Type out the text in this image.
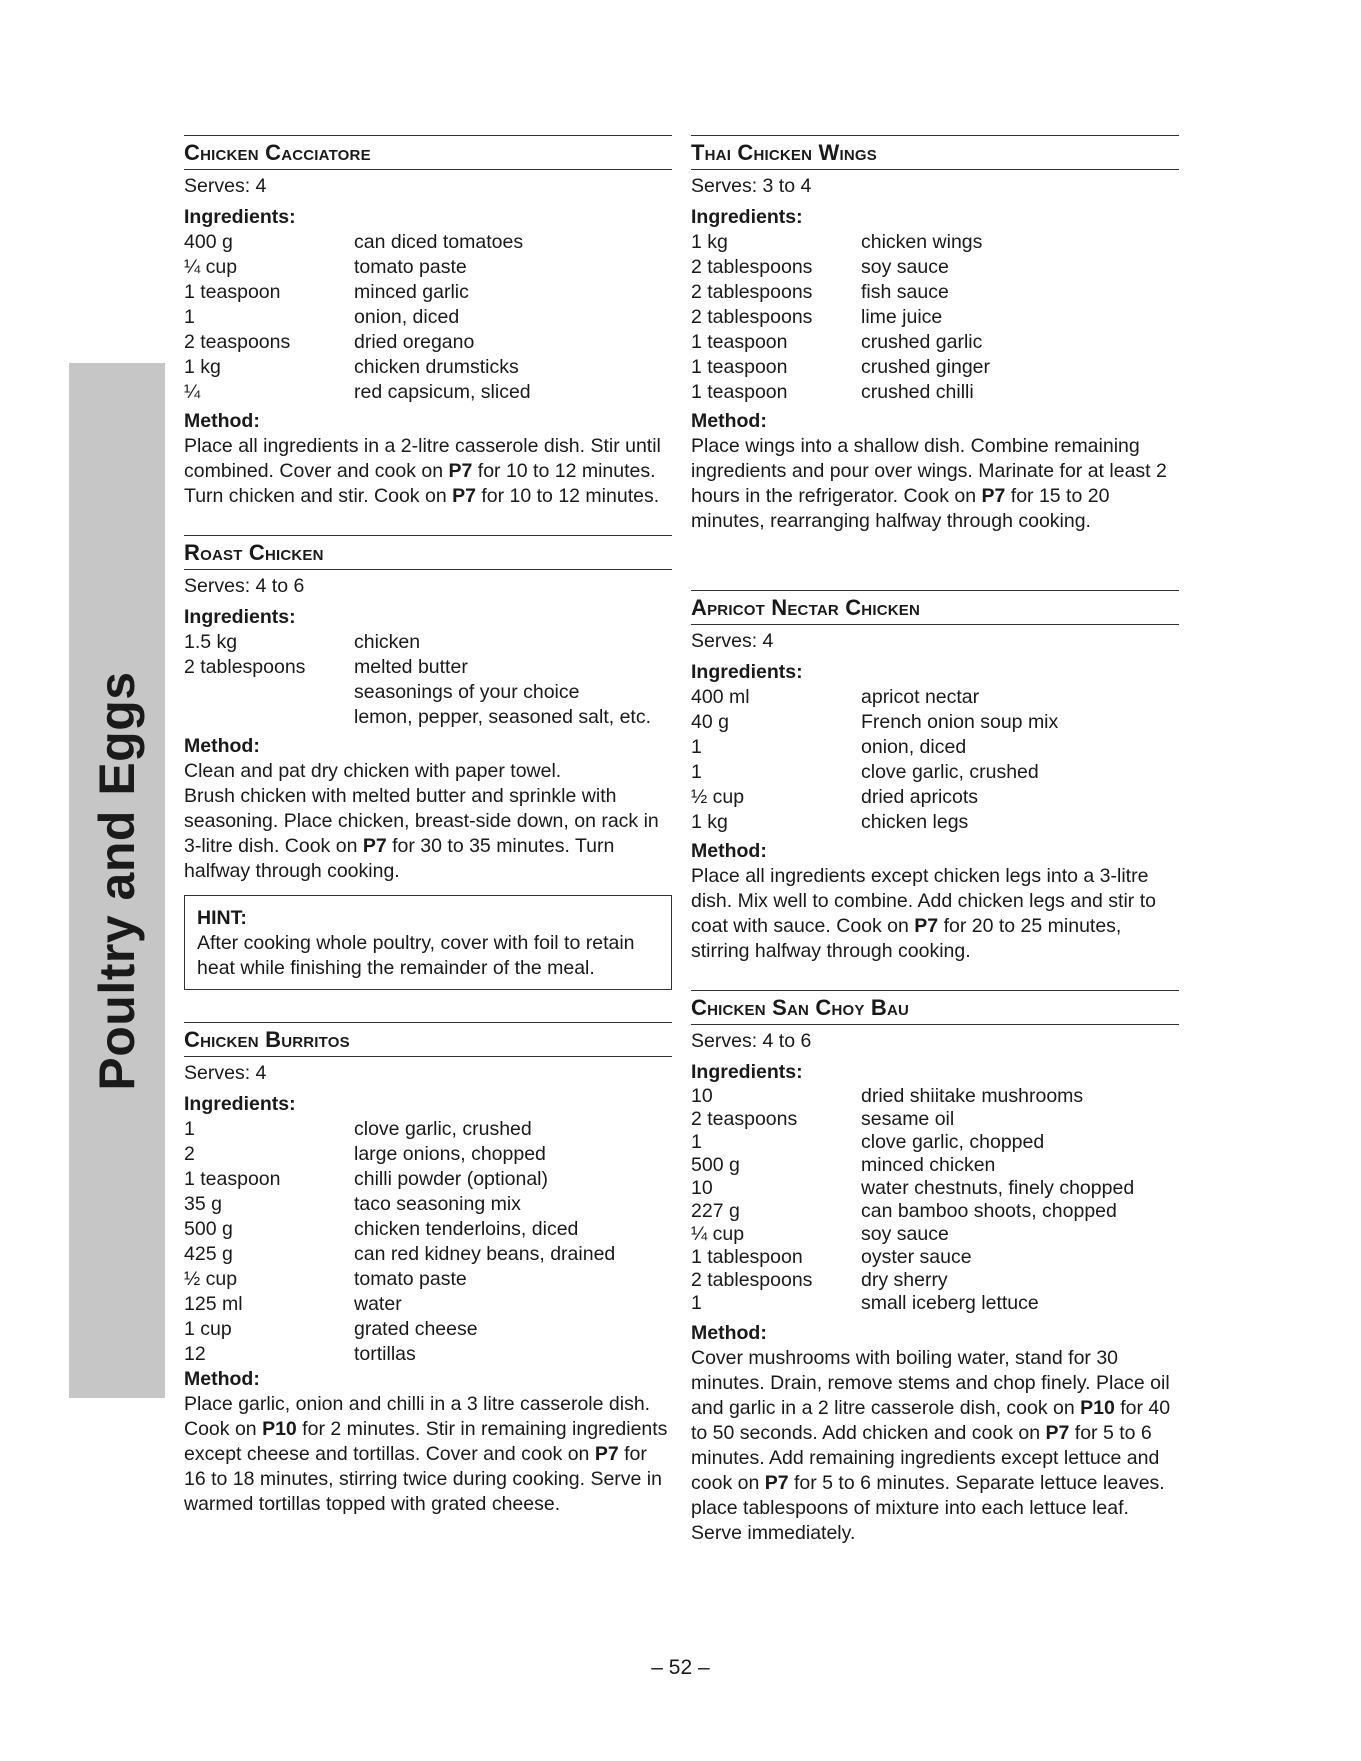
Poultry and Eggs
Chicken Cacciatore
Serves: 4
Ingredients:
400 g	can diced tomatoes
¼ cup	tomato paste
1 teaspoon	minced garlic
1	onion, diced
2 teaspoons	dried oregano
1 kg	chicken drumsticks
¼	red capsicum, sliced
Method:

Place all ingredients in a 2-litre casserole dish. Stir until combined. Cover and cook on P7 for 10 to 12 minutes. Turn chicken and stir. Cook on P7 for 10 to 12 minutes.

Roast Chicken
Serves: 4 to 6
Ingredients:
1.5 kg	chicken
2 tablespoons	melted butter
seasonings of your choice
lemon, pepper, seasoned salt, etc.
Method:
Clean and pat dry chicken with paper towel.

Brush chicken with melted butter and sprinkle with seasoning. Place chicken, breast-side down, on rack in 3-litre dish. Cook on P7 for 30 to 35 minutes. Turn halfway through cooking.

HINT:
After cooking whole poultry, cover with foil to retain heat while finishing the remainder of the meal.
Chicken Burritos
Serves: 4
Ingredients:
1	clove garlic, crushed
2	large onions, chopped
1 teaspoon	chilli powder (optional)
35 g	taco seasoning mix
500 g	chicken tenderloins, diced
425 g	can red kidney beans, drained
½ cup	tomato paste
125 ml	water
1 cup	grated cheese
12	tortillas
Method:

Place garlic, onion and chilli in a 3 litre casserole dish. Cook on P10 for 2 minutes. Stir in remaining ingredients except cheese and tortillas. Cover and cook on P7 for 16 to 18 minutes, stirring twice during cooking. Serve in warmed tortillas topped with grated cheese.

Thai Chicken Wings
Serves: 3 to 4
Ingredients:
1 kg	chicken wings
2 tablespoons	soy sauce
2 tablespoons	fish sauce
2 tablespoons	lime juice
1 teaspoon	crushed garlic
1 teaspoon	crushed ginger
1 teaspoon	crushed chilli
Method:

Place wings into a shallow dish. Combine remaining ingredients and pour over wings. Marinate for at least 2 hours in the refrigerator. Cook on P7 for 15 to 20 minutes, rearranging halfway through cooking.

Apricot Nectar Chicken
Serves: 4
Ingredients:
400 ml	apricot nectar
40 g	French onion soup mix
1	onion, diced
1	clove garlic, crushed
½ cup	dried apricots
1 kg	chicken legs
Method:

Place all ingredients except chicken legs into a 3-litre dish. Mix well to combine. Add chicken legs and stir to coat with sauce. Cook on P7 for 20 to 25 minutes, stirring halfway through cooking.

Chicken San Choy Bau
Serves: 4 to 6
Ingredients:
10	dried shiitake mushrooms
2 teaspoons	sesame oil
1	clove garlic, chopped
500 g	minced chicken
10	water chestnuts, finely chopped
227 g	can bamboo shoots, chopped
¼ cup	soy sauce
1 tablespoon	oyster sauce
2 tablespoons	dry sherry
1	small iceberg lettuce
Method:

Cover mushrooms with boiling water, stand for 30 minutes. Drain, remove stems and chop finely. Place oil and garlic in a 2 litre casserole dish, cook on P10 for 40 to 50 seconds. Add chicken and cook on P7 for 5 to 6 minutes. Add remaining ingredients except lettuce and cook on P7 for 5 to 6 minutes. Separate lettuce leaves. place tablespoons of mixture into each lettuce leaf. Serve immediately.

– 52 –
